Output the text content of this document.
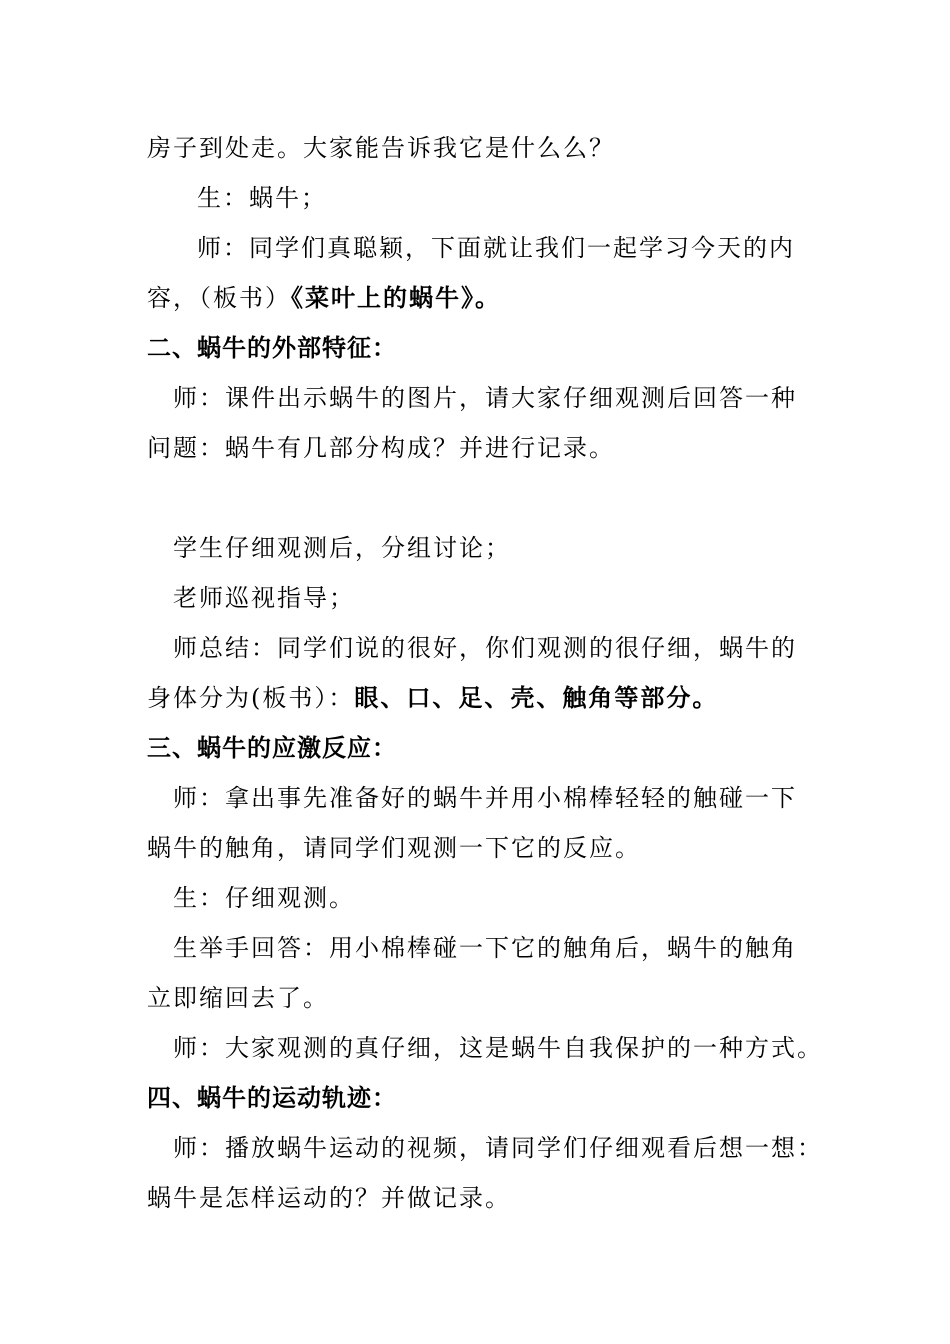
房子到处走。大家能告诉我它是什么么？
生：蜗牛；
师：同学们真聪颖，下面就让我们一起学习今天的内
容，（板书）《菜叶上的蜗牛》。
二、蜗牛的外部特征：
师：课件出示蜗牛的图片，请大家仔细观测后回答一种
问题：蜗牛有几部分构成？并进行记录。
学生仔细观测后，分组讨论；
老师巡视指导；
师总结：同学们说的很好，你们观测的很仔细，蜗牛的
身体分为(板书）：眼、口、足、壳、触角等部分。
三、蜗牛的应激反应：
师：拿出事先准备好的蜗牛并用小棉棒轻轻的触碰一下
蜗牛的触角，请同学们观测一下它的反应。
生：仔细观测。
生举手回答：用小棉棒碰一下它的触角后，蜗牛的触角
立即缩回去了。
师：大家观测的真仔细，这是蜗牛自我保护的一种方式。
四、蜗牛的运动轨迹：
师：播放蜗牛运动的视频，请同学们仔细观看后想一想：
蜗牛是怎样运动的？并做记录。
